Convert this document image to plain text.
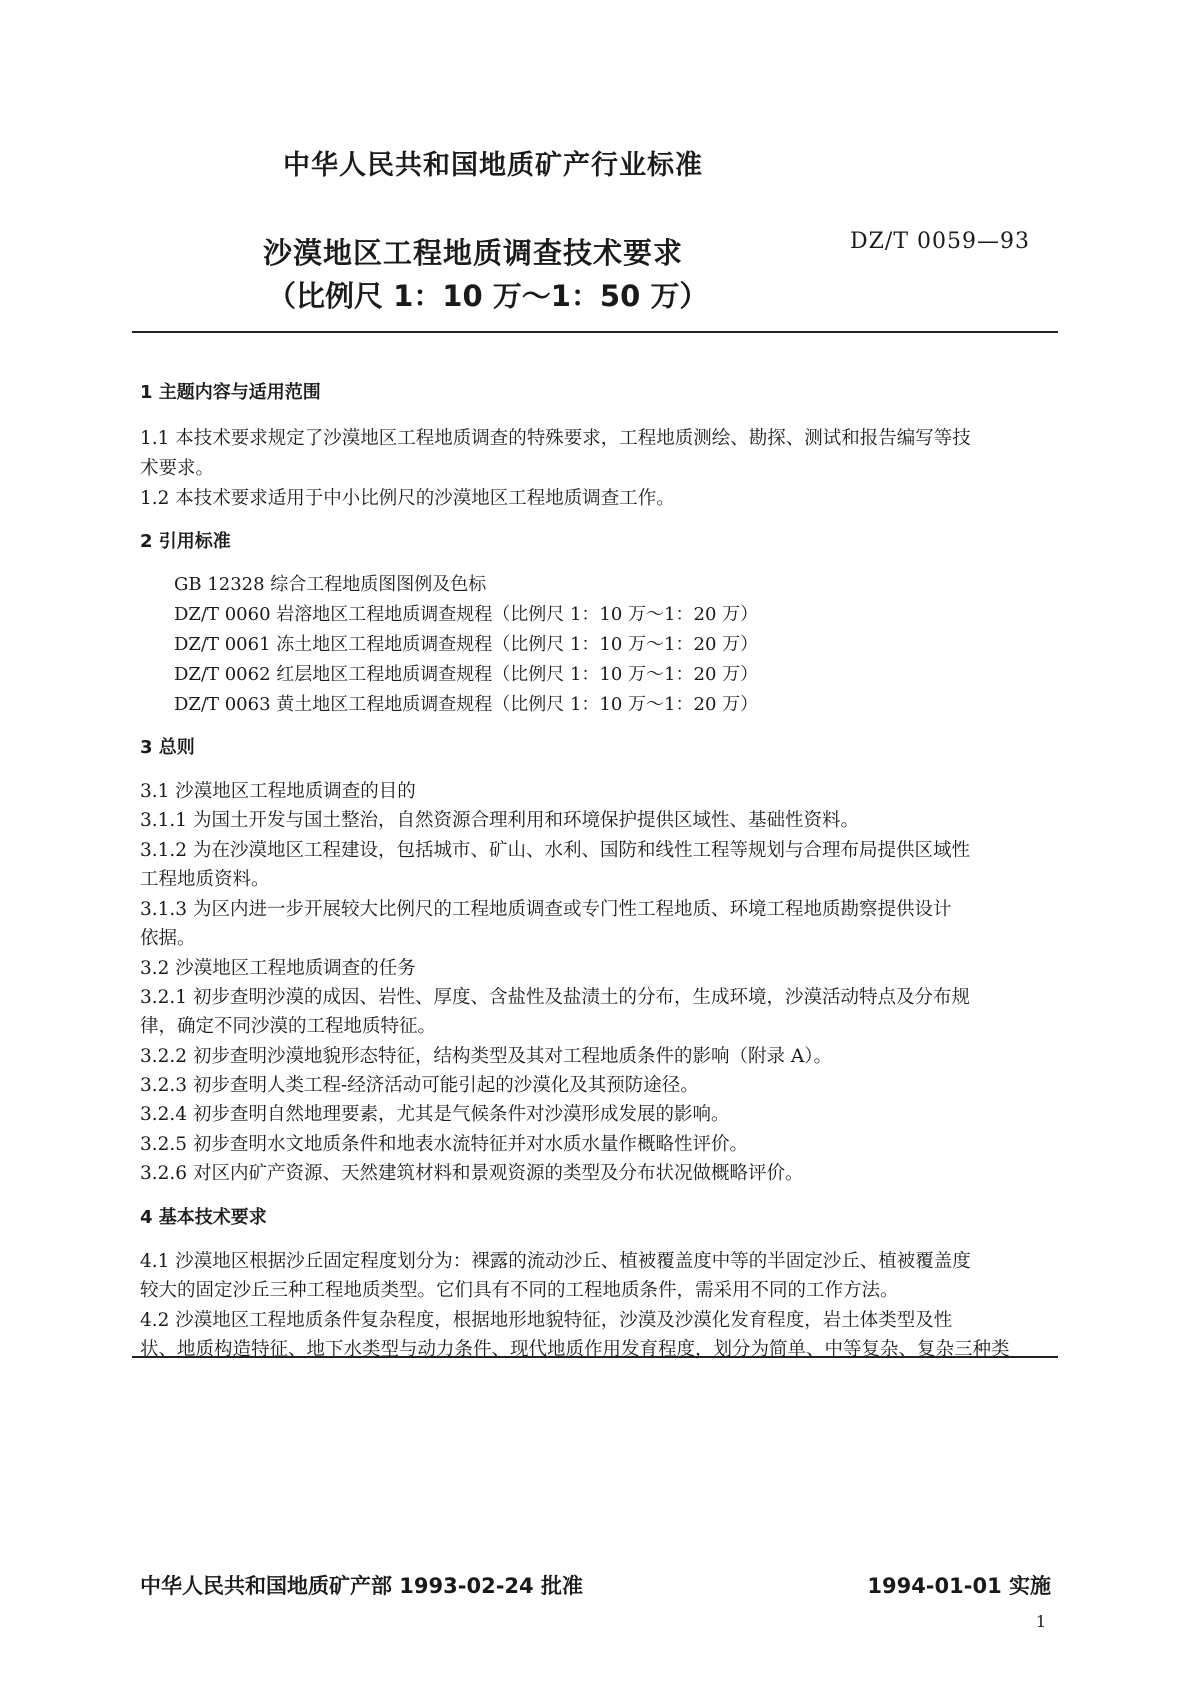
中华人民共和国地质矿产行业标准
沙漠地区工程地质调查技术要求
（比例尺 1：10 万～1：50 万）
DZ/T 0059—93
1 主题内容与适用范围
1.1 本技术要求规定了沙漠地区工程地质调查的特殊要求，工程地质测绘、勘探、测试和报告编写等技
术要求。
1.2 本技术要求适用于中小比例尺的沙漠地区工程地质调查工作。
2 引用标准
GB 12328 综合工程地质图图例及色标
DZ/T 0060 岩溶地区工程地质调查规程（比例尺 1：10 万～1：20 万）
DZ/T 0061 冻土地区工程地质调查规程（比例尺 1：10 万～1：20 万）
DZ/T 0062 红层地区工程地质调查规程（比例尺 1：10 万～1：20 万）
DZ/T 0063 黄土地区工程地质调查规程（比例尺 1：10 万～1：20 万）
3 总则
3.1 沙漠地区工程地质调查的目的
3.1.1 为国土开发与国土整治，自然资源合理利用和环境保护提供区域性、基础性资料。
3.1.2 为在沙漠地区工程建设，包括城市、矿山、水利、国防和线性工程等规划与合理布局提供区域性
工程地质资料。
3.1.3 为区内进一步开展较大比例尺的工程地质调查或专门性工程地质、环境工程地质勘察提供设计
依据。
3.2 沙漠地区工程地质调查的任务
3.2.1 初步查明沙漠的成因、岩性、厚度、含盐性及盐渍土的分布，生成环境，沙漠活动特点及分布规
律，确定不同沙漠的工程地质特征。
3.2.2 初步查明沙漠地貌形态特征，结构类型及其对工程地质条件的影响（附录 A）。
3.2.3 初步查明人类工程-经济活动可能引起的沙漠化及其预防途径。
3.2.4 初步查明自然地理要素，尤其是气候条件对沙漠形成发展的影响。
3.2.5 初步查明水文地质条件和地表水流特征并对水质水量作概略性评价。
3.2.6 对区内矿产资源、天然建筑材料和景观资源的类型及分布状况做概略评价。
4 基本技术要求
4.1 沙漠地区根据沙丘固定程度划分为：裸露的流动沙丘、植被覆盖度中等的半固定沙丘、植被覆盖度
较大的固定沙丘三种工程地质类型。它们具有不同的工程地质条件，需采用不同的工作方法。
4.2 沙漠地区工程地质条件复杂程度，根据地形地貌特征，沙漠及沙漠化发育程度，岩土体类型及性
状、地质构造特征、地下水类型与动力条件、现代地质作用发育程度，划分为简单、中等复杂、复杂三种类
中华人民共和国地质矿产部 1993-02-24 批准	1994-01-01 实施
1
